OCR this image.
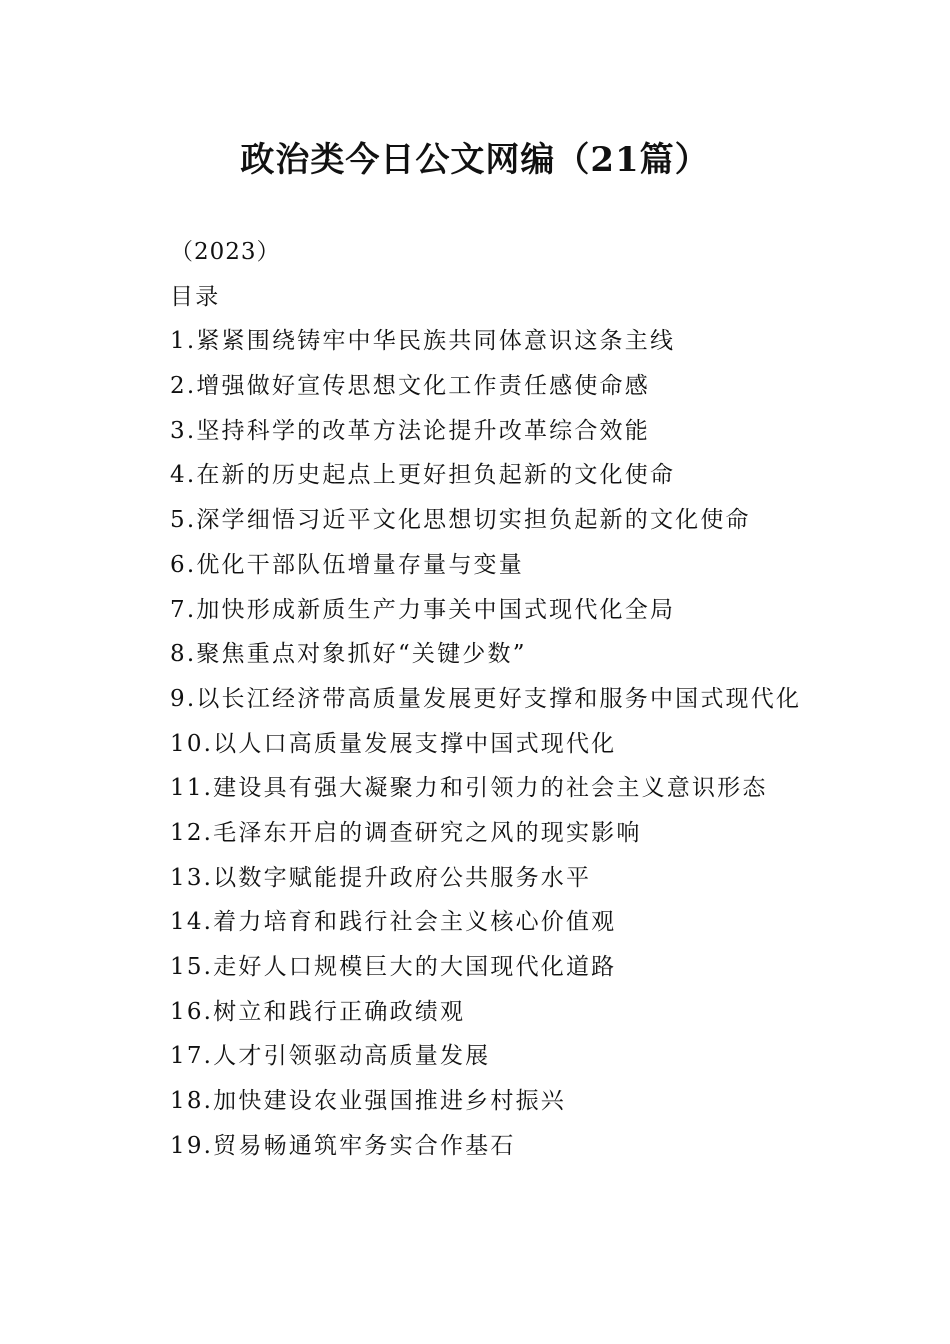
政治类今日公文网编（21篇）

（2023）

目录

1.紧紧围绕铸牢中华民族共同体意识这条主线
2.增强做好宣传思想文化工作责任感使命感
3.坚持科学的改革方法论提升改革综合效能
4.在新的历史起点上更好担负起新的文化使命
5.深学细悟习近平文化思想切实担负起新的文化使命
6.优化干部队伍增量存量与变量
7.加快形成新质生产力事关中国式现代化全局
8.聚焦重点对象抓好“关键少数”
9.以长江经济带高质量发展更好支撑和服务中国式现代化
10.以人口高质量发展支撑中国式现代化
11.建设具有强大凝聚力和引领力的社会主义意识形态
12.毛泽东开启的调查研究之风的现实影响
13.以数字赋能提升政府公共服务水平
14.着力培育和践行社会主义核心价值观
15.走好人口规模巨大的大国现代化道路
16.树立和践行正确政绩观
17.人才引领驱动高质量发展
18.加快建设农业强国推进乡村振兴
19.贸易畅通筑牢务实合作基石
